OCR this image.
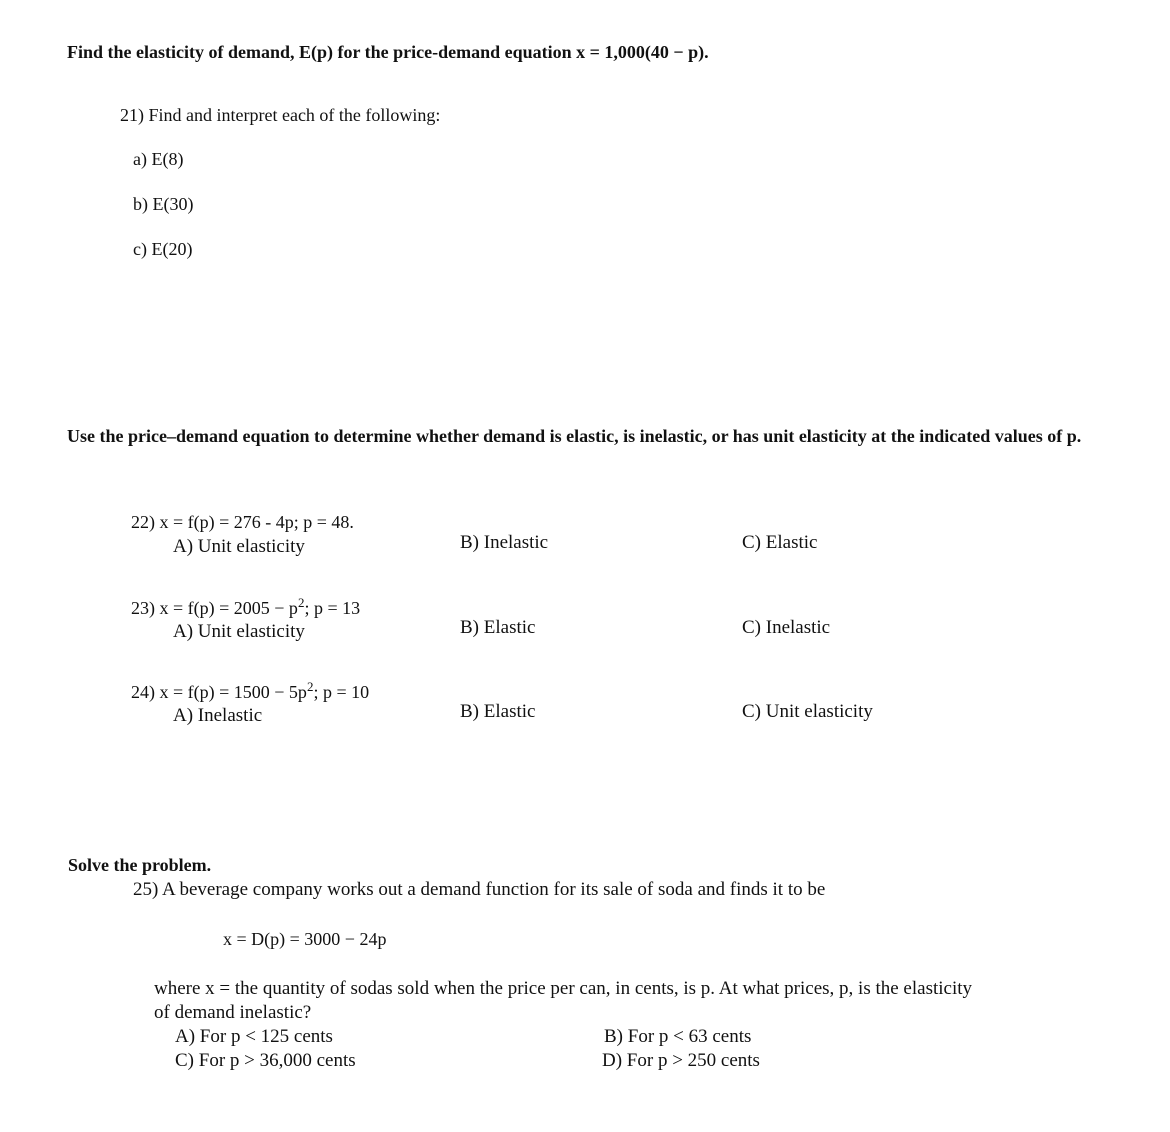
Find the elasticity of demand, E(p) for the price-demand equation x = 1,000(40 − p).
21) Find and interpret each of the following:
a) E(8)
b) E(30)
c) E(20)
Use the price–demand equation to determine whether demand is elastic, is inelastic, or has unit elasticity at the indicated values of p.
22) x = f(p) = 276 - 4p; p = 48.
A) Unit elasticity	B) Inelastic	C) Elastic
23) $x = f(p) = 2005 - p^2$; p = 13
A) Unit elasticity	B) Elastic	C) Inelastic
24) $x = f(p) = 1500 - 5p^2$; p = 10
A) Inelastic	B) Elastic	C) Unit elasticity
Solve the problem.
25) A beverage company works out a demand function for its sale of soda and finds it to be
x = D(p) = 3000 − 24p
where x = the quantity of sodas sold when the price per can, in cents, is p. At what prices, p, is the elasticity of demand inelastic?
A) For p < 125 cents	B) For p < 63 cents
C) For p > 36,000 cents	D) For p > 250 cents
